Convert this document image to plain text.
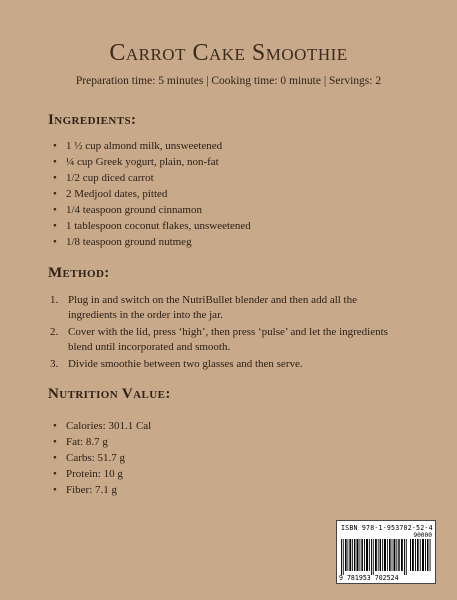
Carrot Cake Smoothie
Preparation time: 5 minutes | Cooking time: 0 minute | Servings: 2
Ingredients:
• 1 ½ cup almond milk, unsweetened
• ¼ cup Greek yogurt, plain, non-fat
• 1/2 cup diced carrot
• 2 Medjool dates, pitted
• 1/4 teaspoon ground cinnamon
• 1 tablespoon coconut flakes, unsweetened
• 1/8 teaspoon ground nutmeg
Method:
1. Plug in and switch on the NutriBullet blender and then add all the ingredients in the order into the jar.
2. Cover with the lid, press ‘high’, then press ‘pulse’ and let the ingredients blend until incorporated and smooth.
3. Divide smoothie between two glasses and then serve.
Nutrition Value:
• Calories: 301.1 Cal
• Fat: 8.7 g
• Carbs: 51.7 g
• Protein: 10 g
• Fiber: 7.1 g
ISBN 978-1-953702-52-4
90000
9 781953 702524
